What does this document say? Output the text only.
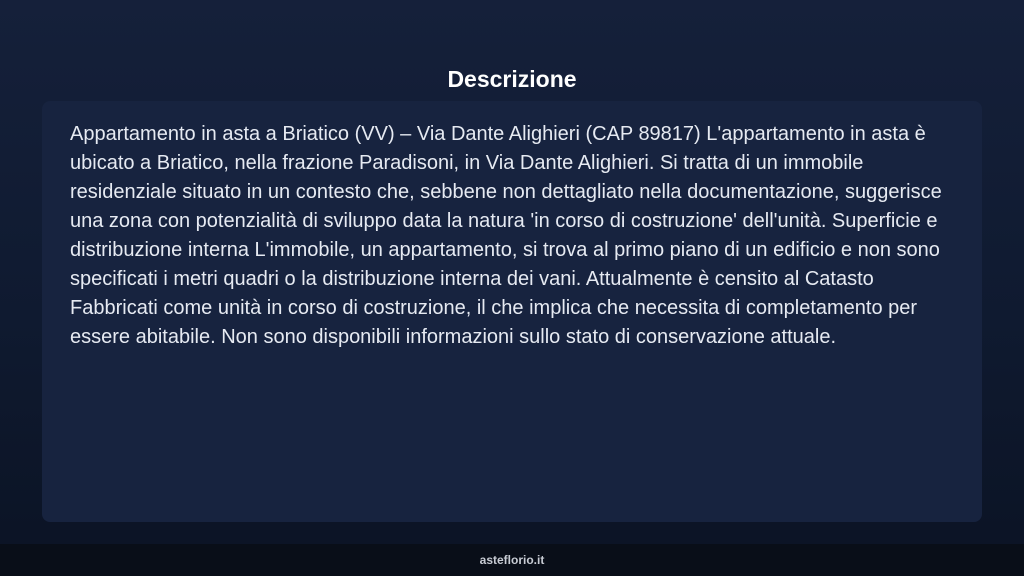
Descrizione

Appartamento in asta a Briatico (VV) – Via Dante Alighieri (CAP 89817) L'appartamento in asta è ubicato a Briatico, nella frazione Paradisoni, in Via Dante Alighieri. Si tratta di un immobile residenziale situato in un contesto che, sebbene non dettagliato nella documentazione, suggerisce una zona con potenzialità di sviluppo data la natura 'in corso di costruzione' dell'unità. Superficie e distribuzione interna L'immobile, un appartamento, si trova al primo piano di un edificio e non sono specificati i metri quadri o la distribuzione interna dei vani. Attualmente è censito al Catasto Fabbricati come unità in corso di costruzione, il che implica che necessita di completamento per essere abitabile. Non sono disponibili informazioni sullo stato di conservazione attuale.

asteflorio.it
